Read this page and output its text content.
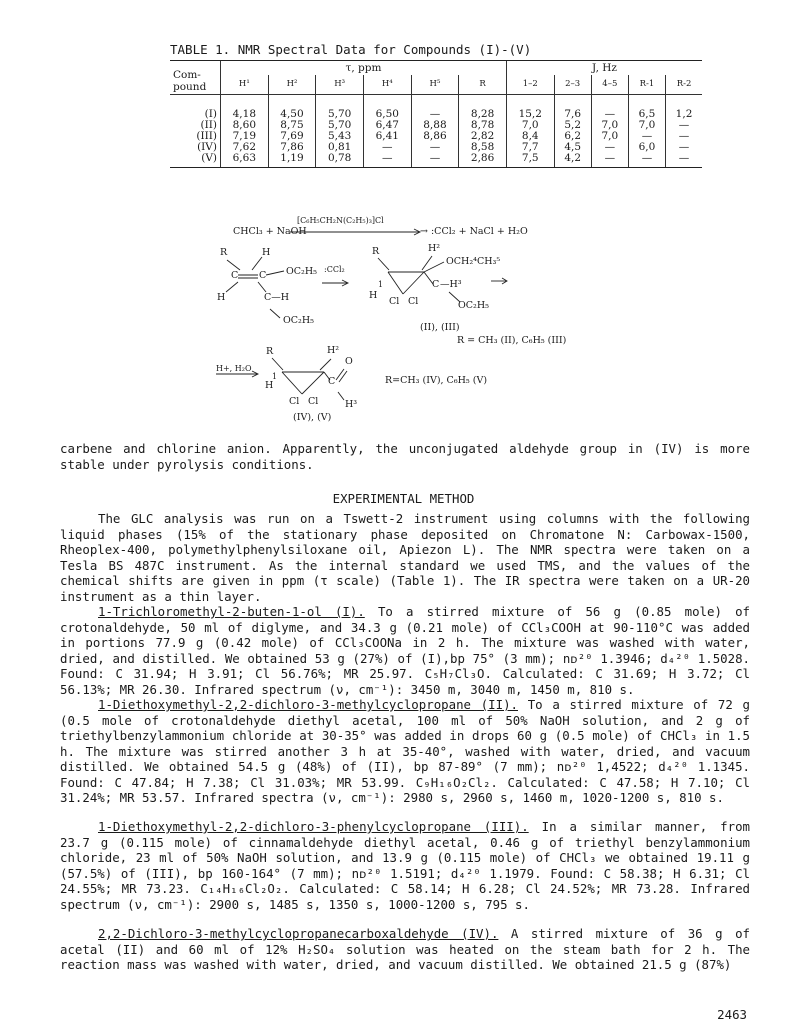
TABLE 1. NMR Spectral Data for Compounds (I)-(V)
Com-
pound	τ, ppm						J, Hz				
	H¹	H²	H³	H⁴	H⁵	R	1–2	2–3	4–5	R-1	R-2
(I)	4,18	4,50	5,70	6,50	—	8,28	15,2	7,6	—	6,5	1,2
(II)	8,60	8,75	5,70	6,47	8,88	8,78	7,0	5,2	7,0	7,0	—
(III)	7,19	7,69	5,43	6,41	8,86	2,82	8,4	6,2	7,0	—	—
(IV)	7,62	7,86	0,81	—	—	8,58	7,7	4,5	—	6,0	—
(V)	6,63	1,19	0,78	—	—	2,86	7,5	4,2	—	—	—
CHCl₃ + NaOH
[C₆H₅CH₂N(C₂H₅)₃]Cl
→ :CCl₂ + NaCl + H₂O
R	H
C C OC₂H₅
H	C—H
OC₂H₅
:CCl₂
R	H²
OCH₂⁴CH₃⁵
1
H
C —H³
Cl Cl	OC₂H₅
(II), (III)
R = CH₃ (II), C₆H₅ (III)
H+, H₂O
R	H²
O
1
H	C
Cl Cl	H³
(IV), (V)
R=CH₃ (IV), C₆H₅ (V)

carbene and chlorine anion. Apparently, the unconjugated aldehyde group in (IV) is more stable under pyrolysis conditions.

EXPERIMENTAL METHOD

The GLC analysis was run on a Tswett-2 instrument using columns with the following liquid phases (15% of the stationary phase deposited on Chromatone N: Carbowax-1500, Rheoplex-400, polymethylphenylsiloxane oil, Apiezon L). The NMR spectra were taken on a Tesla BS 487C instrument. As the internal standard we used TMS, and the values of the chemical shifts are given in ppm (τ scale) (Table 1). The IR spectra were taken on a UR-20 instrument as a thin layer.

1-Trichloromethyl-2-buten-1-ol (I). To a stirred mixture of 56 g (0.85 mole) of crotonaldehyde, 50 ml of diglyme, and 34.3 g (0.21 mole) of CCl₃COOH at 90-110°C was added in portions 77.9 g (0.42 mole) of CCl₃COONa in 2 h. The mixture was washed with water, dried, and distilled. We obtained 53 g (27%) of (I),bp 75° (3 mm); nᴅ²⁰ 1.3946; d₄²⁰ 1.5028. Found: C 31.94; H 3.91; Cl 56.76%; MR 25.97. C₅H₇Cl₃O. Calculated: C 31.69; H 3.72; Cl 56.13%; MR 26.30. Infrared spectrum (ν, cm⁻¹): 3450 m, 3040 m, 1450 m, 810 s.

1-Diethoxymethyl-2,2-dichloro-3-methylcyclopropane (II). To a stirred mixture of 72 g (0.5 mole of crotonaldehyde diethyl acetal, 100 ml of 50% NaOH solution, and 2 g of triethylbenzylammonium chloride at 30-35° was added in drops 60 g (0.5 mole) of CHCl₃ in 1.5 h. The mixture was stirred another 3 h at 35-40°, washed with water, dried, and vacuum distilled. We obtained 54.5 g (48%) of (II), bp 87-89° (7 mm); nᴅ²⁰ 1,4522; d₄²⁰ 1.1345. Found: C 47.84; H 7.38; Cl 31.03%; MR 53.99. C₉H₁₆O₂Cl₂. Calculated: C 47.58; H 7.10; Cl 31.24%; MR 53.57. Infrared spectra (ν, cm⁻¹): 2980 s, 2960 s, 1460 m, 1020-1200 s, 810 s.

1-Diethoxymethyl-2,2-dichloro-3-phenylcyclopropane (III). In a similar manner, from 23.7 g (0.115 mole) of cinnamaldehyde diethyl acetal, 0.46 g of triethyl benzylammonium chloride, 23 ml of 50% NaOH solution, and 13.9 g (0.115 mole) of CHCl₃ we obtained 19.11 g (57.5%) of (III), bp 160-164° (7 mm); nᴅ²⁰ 1.5191; d₄²⁰ 1.1979. Found: C 58.38; H 6.31; Cl 24.55%; MR 73.23. C₁₄H₁₆Cl₂O₂. Calculated: C 58.14; H 6.28; Cl 24.52%; MR 73.28. Infrared spectrum (ν, cm⁻¹): 2900 s, 1485 s, 1350 s, 1000-1200 s, 795 s.

2,2-Dichloro-3-methylcyclopropanecarboxaldehyde (IV). A stirred mixture of 36 g of acetal (II) and 60 ml of 12% H₂SO₄ solution was heated on the steam bath for 2 h. The reaction mass was washed with water, dried, and vacuum distilled. We obtained 21.5 g (87%)

2463
